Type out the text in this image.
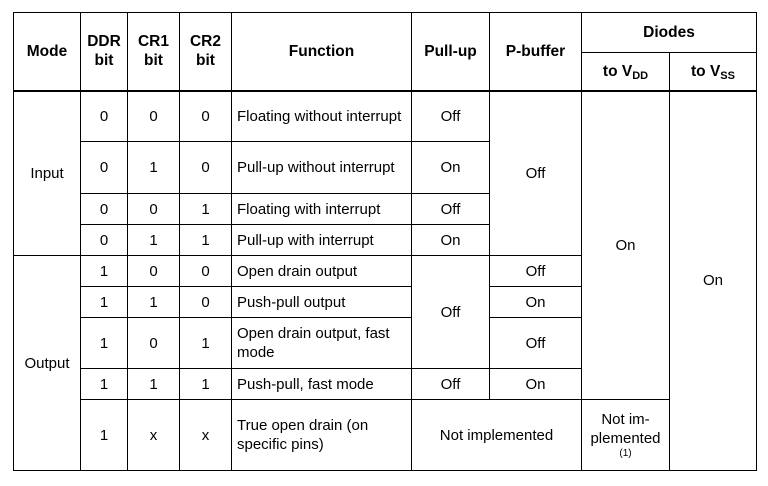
Mode	DDR bit	CR1 bit	CR2 bit	Function	Pull-up	P-buffer	Diodes	
							to $V_{DD}$	to $V_{SS}$
Input	0	0	0	Floating without interrupt	Off	Off	On	On
	0	1	0	Pull-up without interrupt	On			
	0	0	1	Floating with interrupt	Off			
	0	1	1	Pull-up with interrupt	On			
Output	1	0	0	Open drain output	Off	Off		
	1	1	0	Push-pull output		On		
	1	0	1	Open drain output, fast mode		Off		
	1	1	1	Push-pull, fast mode	Off	On		
	1	x	x	True open drain (on specific pins)	Not implemented		Not im-plemented
(1)	
